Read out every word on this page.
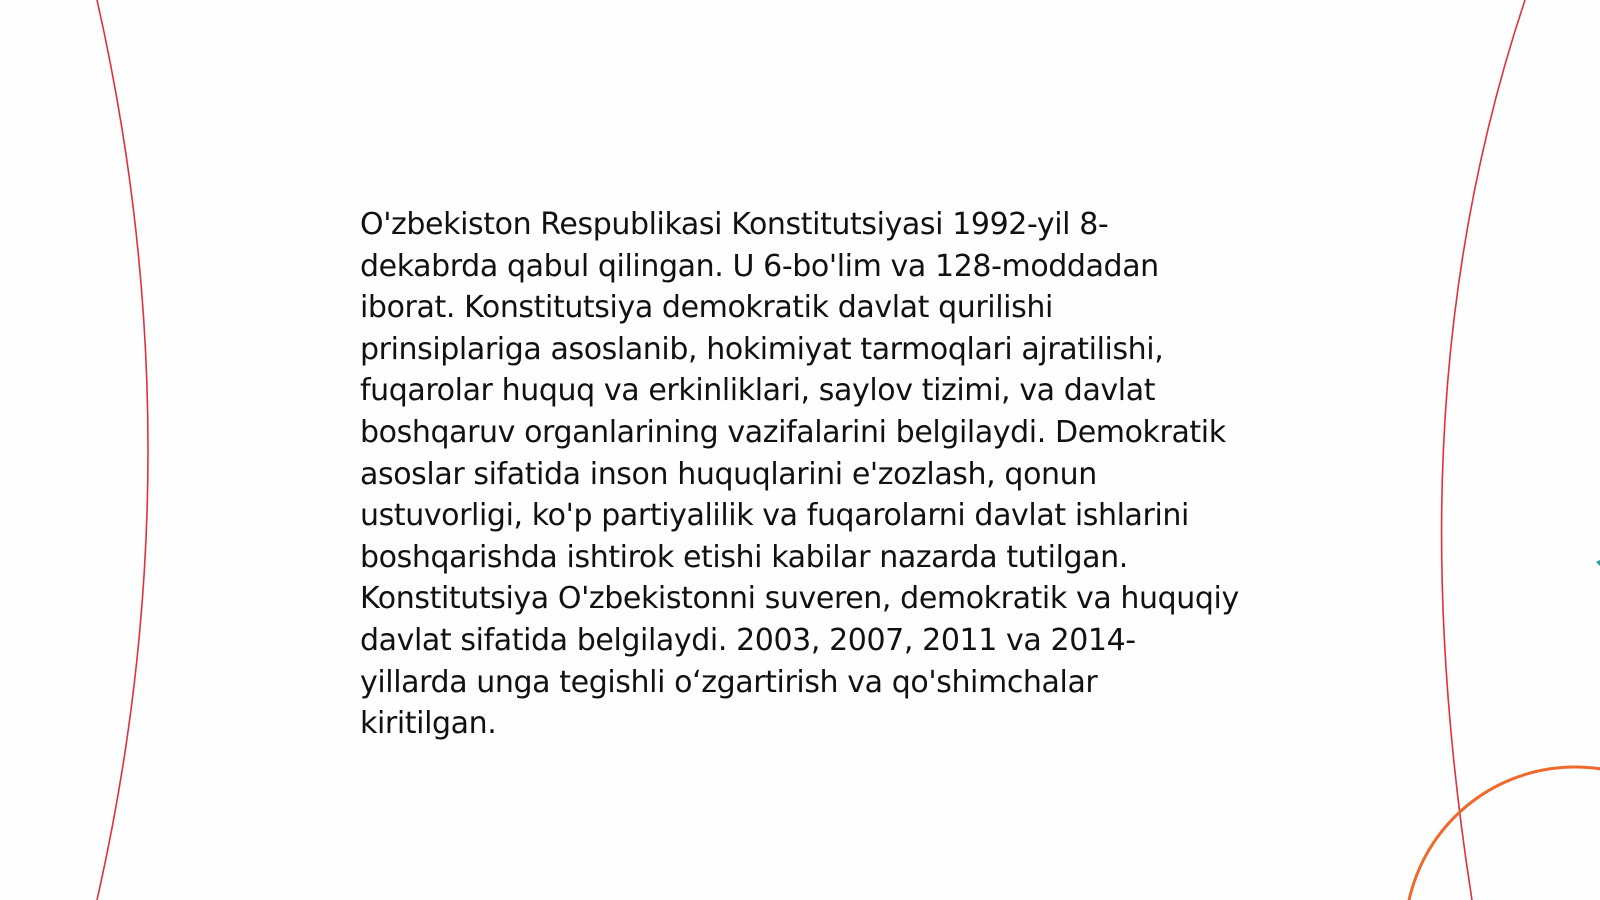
O'zbekiston Respublikasi Konstitutsiyasi 1992-yil 8-dekabrda qabul qilingan. U 6-bo'lim va 128-moddadan iborat. Konstitutsiya demokratik davlat qurilishi prinsiplariga asoslanib, hokimiyat tarmoqlari ajratilishi, fuqarolar huquq va erkinliklari, saylov tizimi, va davlat boshqaruv organlarining vazifalarini belgilaydi. Demokratik asoslar sifatida inson huquqlarini e'zozlash, qonun ustuvorligi, ko'p partiyalilik va fuqarolarni davlat ishlarini boshqarishda ishtirok etishi kabilar nazarda tutilgan. Konstitutsiya O'zbekistonni suveren, demokratik va huquqiy davlat sifatida belgilaydi. 2003, 2007, 2011 va 2014-yillarda unga tegishli o‘zgartirish va qo'shimchalar kiritilgan.
